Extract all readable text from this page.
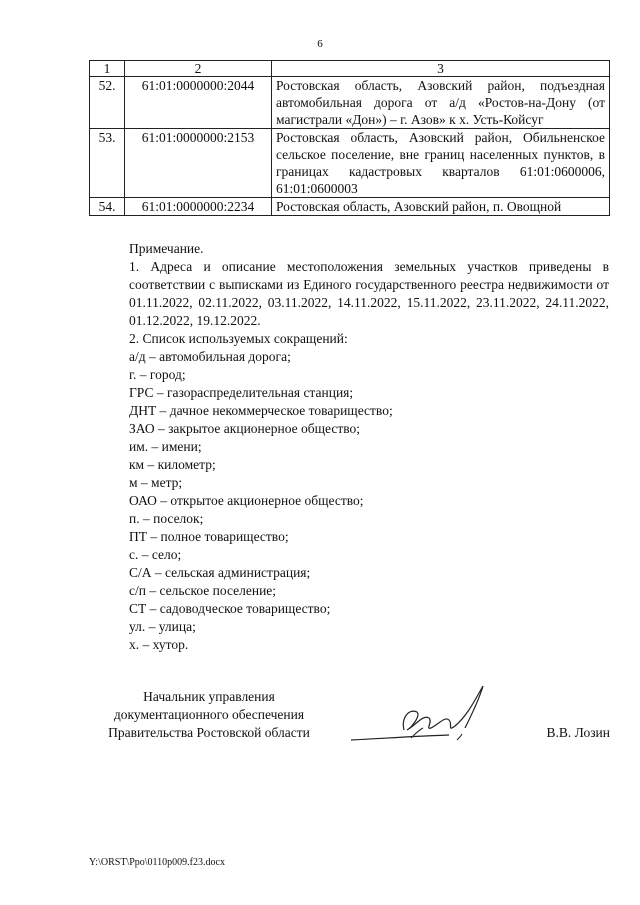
6
1	2	3
52.	61:01:0000000:2044	Ростовская область, Азовский район, подъездная автомобильная дорога от а/д «Ростов-на-Дону (от магистрали «Дон») – г. Азов» к х. Усть-Койсуг
53.	61:01:0000000:2153	Ростовская область, Азовский район, Обильненское сельское поселение, вне границ населенных пунктов, в границах кадастровых кварталов 61:01:0600006, 61:01:0600003
54.	61:01:0000000:2234	Ростовская область, Азовский район, п. Овощной

Примечание.

1. Адреса и описание местоположения земельных участков приведены в соответствии с выписками из Единого государственного реестра недвижимости от 01.11.2022, 02.11.2022, 03.11.2022, 14.11.2022, 15.11.2022, 23.11.2022, 24.11.2022, 01.12.2022, 19.12.2022.

2. Список используемых сокращений:

а/д – автомобильная дорога;

г. – город;

ГРС – газораспределительная станция;

ДНТ – дачное некоммерческое товарищество;

ЗАО – закрытое акционерное общество;

им. – имени;

км – километр;

м – метр;

ОАО – открытое акционерное общество;

п. – поселок;

ПТ – полное товарищество;

с. – село;

С/А – сельская администрация;

с/п – сельское поселение;

СТ – садоводческое товарищество;

ул. – улица;

х. – хутор.

Начальник управления
документационного обеспечения
Правительства Ростовской области	В.В. Лозин
Y:\ORST\Ppo\0110p009.f23.docx
